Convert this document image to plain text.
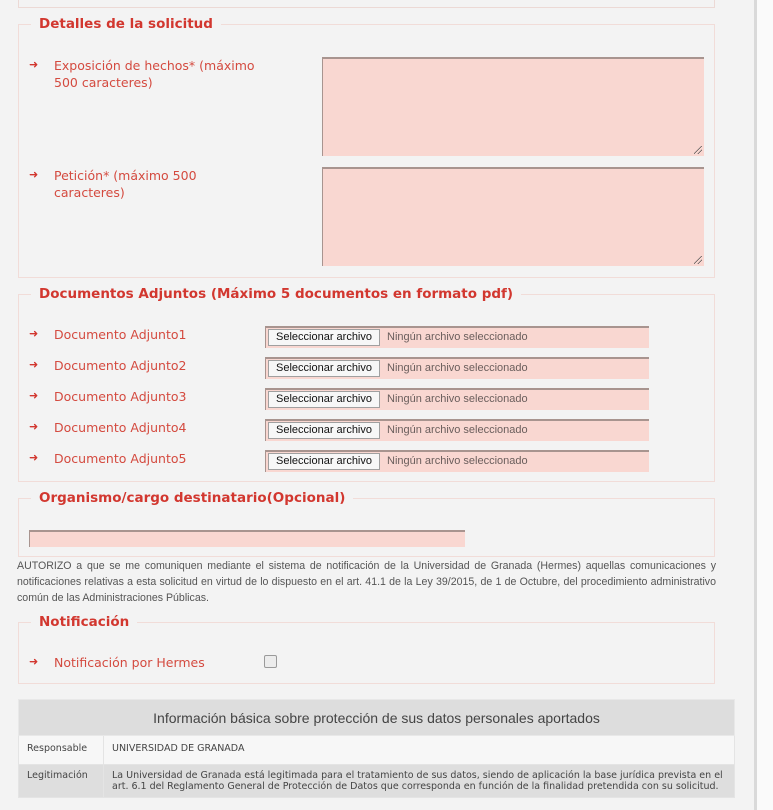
Detalles de la solicitud
➜ Exposición de hechos* (máximo 500 caracteres)
➜ Petición* (máximo 500 caracteres)
Documentos Adjuntos (Máximo 5 documentos en formato pdf)
➜ Documento Adjunto1	Seleccionar archivo	Ningún archivo seleccionado
➜ Documento Adjunto2	Seleccionar archivo	Ningún archivo seleccionado
➜ Documento Adjunto3	Seleccionar archivo	Ningún archivo seleccionado
➜ Documento Adjunto4	Seleccionar archivo	Ningún archivo seleccionado
➜ Documento Adjunto5	Seleccionar archivo	Ningún archivo seleccionado
Organismo/cargo destinatario(Opcional)
AUTORIZO a que se me comuniquen mediante el sistema de notificación de la Universidad de Granada (Hermes) aquellas comunicaciones y notificaciones relativas a esta solicitud en virtud de lo dispuesto en el art. 41.1 de la Ley 39/2015, de 1 de Octubre, del procedimiento administrativo común de las Administraciones Públicas.
Notificación
➜ Notificación por Hermes
Información básica sobre protección de sus datos personales aportados	
Responsable	UNIVERSIDAD DE GRANADA
Legitimación	La Universidad de Granada está legitimada para el tratamiento de sus datos, siendo de aplicación la base jurídica prevista en el art. 6.1 del Reglamento General de Protección de Datos que corresponda en función de la finalidad pretendida con su solicitud.
